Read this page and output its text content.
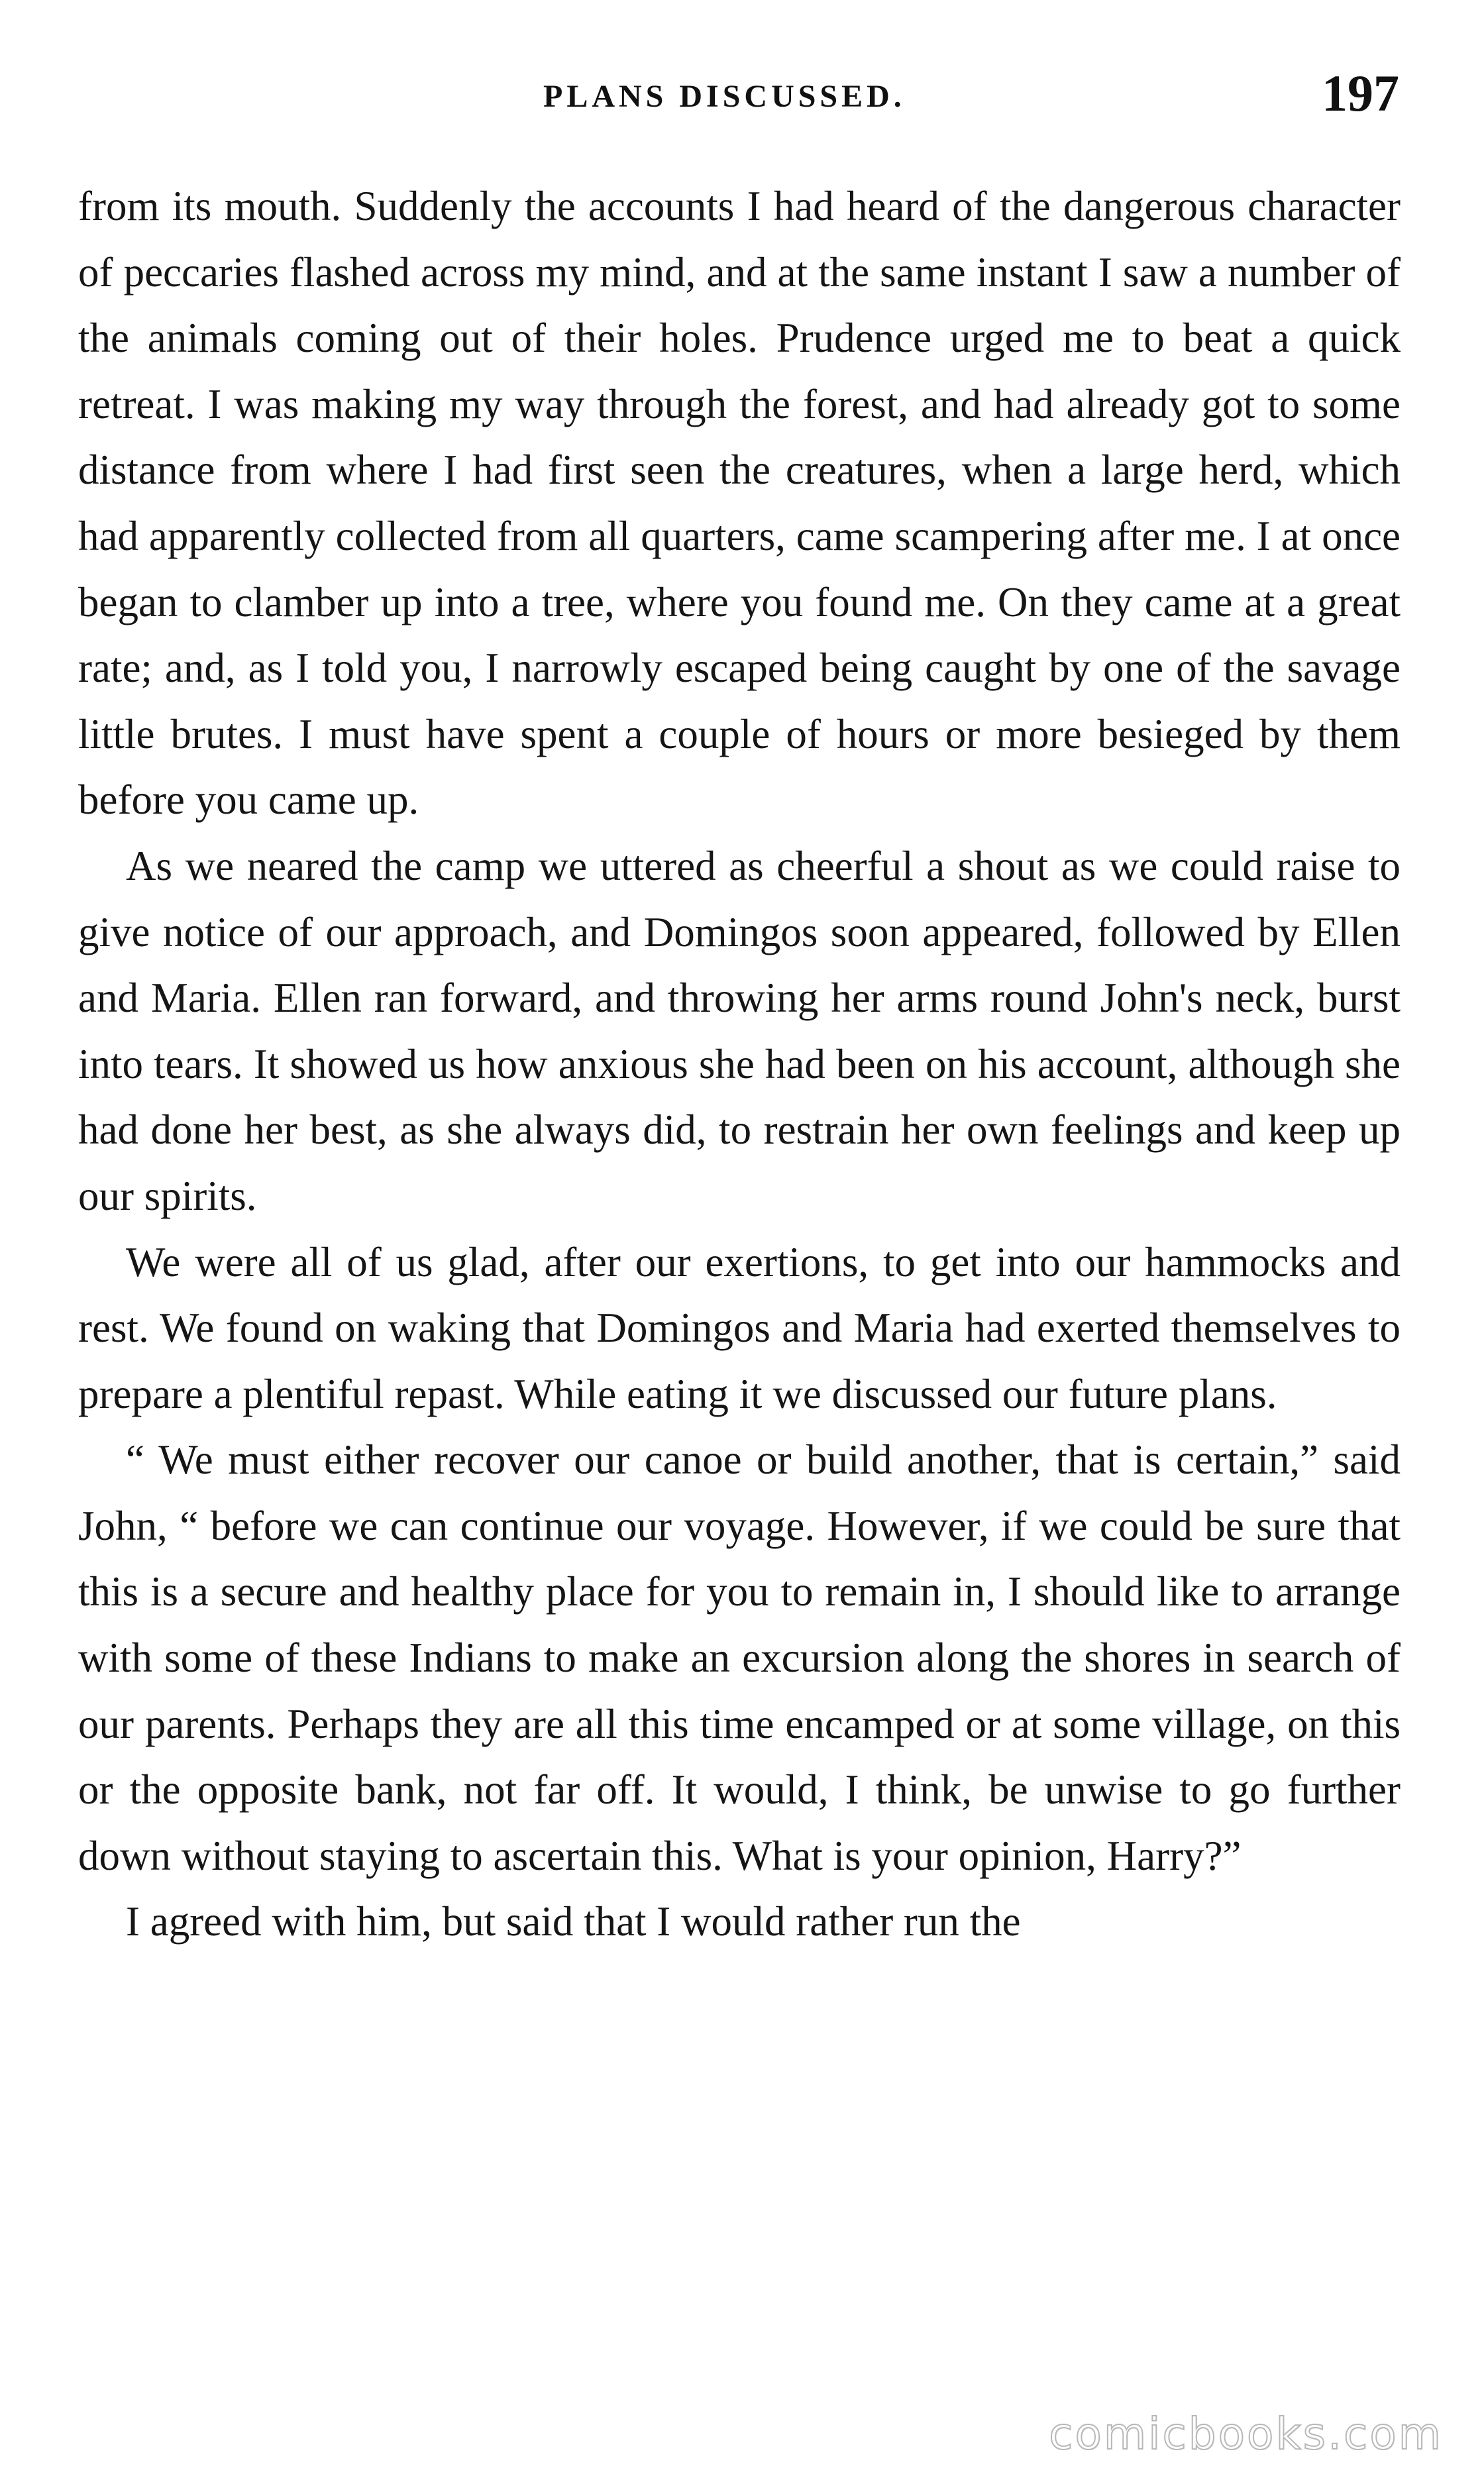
PLANS DISCUSSED.	197

from its mouth. Suddenly the accounts I had heard of the dangerous character of peccaries flashed across my mind, and at the same instant I saw a number of the animals coming out of their holes. Prudence urged me to beat a quick retreat. I was making my way through the forest, and had already got to some distance from where I had first seen the creatures, when a large herd, which had apparently collected from all quarters, came scampering after me. I at once began to clamber up into a tree, where you found me. On they came at a great rate; and, as I told you, I narrowly escaped being caught by one of the savage little brutes. I must have spent a couple of hours or more besieged by them before you came up.

As we neared the camp we uttered as cheerful a shout as we could raise to give notice of our approach, and Domingos soon appeared, followed by Ellen and Maria. Ellen ran forward, and throwing her arms round John's neck, burst into tears. It showed us how anxious she had been on his account, although she had done her best, as she always did, to restrain her own feelings and keep up our spirits.

We were all of us glad, after our exertions, to get into our hammocks and rest. We found on waking that Domingos and Maria had exerted themselves to prepare a plentiful repast. While eating it we discussed our future plans.

“ We must either recover our canoe or build another, that is certain,” said John, “ before we can continue our voyage. However, if we could be sure that this is a secure and healthy place for you to remain in, I should like to arrange with some of these Indians to make an excursion along the shores in search of our parents. Perhaps they are all this time encamped or at some village, on this or the opposite bank, not far off. It would, I think, be unwise to go further down without staying to ascertain this. What is your opinion, Harry?”

I agreed with him, but said that I would rather run the

comicbooks.com
